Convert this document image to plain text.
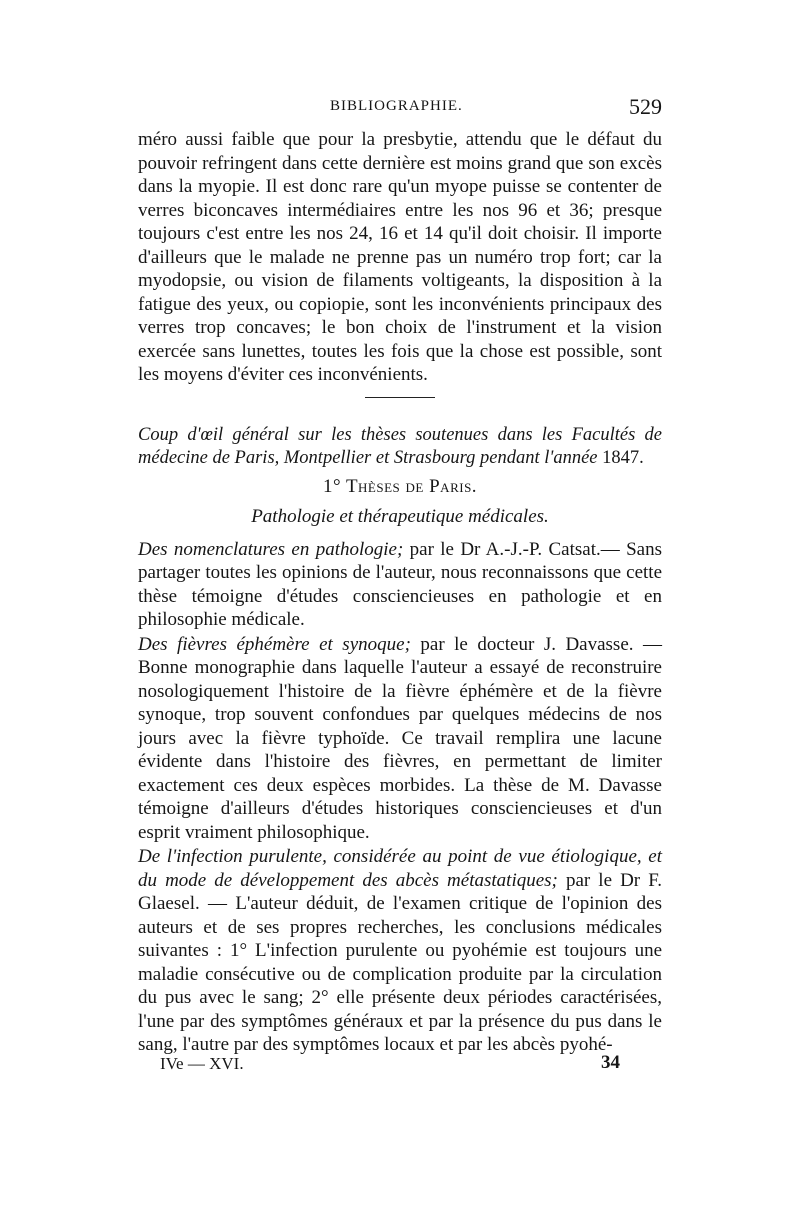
BIBLIOGRAPHIE.	529

méro aussi faible que pour la presbytie, attendu que le défaut du pouvoir refringent dans cette dernière est moins grand que son excès dans la myopie. Il est donc rare qu'un myope puisse se contenter de verres biconcaves intermédiaires entre les nos 96 et 36; presque toujours c'est entre les nos 24, 16 et 14 qu'il doit choisir. Il importe d'ailleurs que le malade ne prenne pas un numéro trop fort; car la myodopsie, ou vision de filaments voltigeants, la disposition à la fatigue des yeux, ou copiopie, sont les inconvénients principaux des verres trop concaves; le bon choix de l'instrument et la vision exercée sans lunettes, toutes les fois que la chose est possible, sont les moyens d'éviter ces inconvénients.

Coup d'œil général sur les thèses soutenues dans les Facultés de médecine de Paris, Montpellier et Strasbourg pendant l'année 1847.

1° Thèses de Paris.
Pathologie et thérapeutique médicales.

Des nomenclatures en pathologie; par le Dr A.-J.-P. Catsat.— Sans partager toutes les opinions de l'auteur, nous reconnaissons que cette thèse témoigne d'études consciencieuses en pathologie et en philosophie médicale.

Des fièvres éphémère et synoque; par le docteur J. Davasse. — Bonne monographie dans laquelle l'auteur a essayé de reconstruire nosologiquement l'histoire de la fièvre éphémère et de la fièvre synoque, trop souvent confondues par quelques médecins de nos jours avec la fièvre typhoïde. Ce travail remplira une lacune évidente dans l'histoire des fièvres, en permettant de limiter exactement ces deux espèces morbides. La thèse de M. Davasse témoigne d'ailleurs d'études historiques consciencieuses et d'un esprit vraiment philosophique.

De l'infection purulente, considérée au point de vue étiologique, et du mode de développement des abcès métastatiques; par le Dr F. Glaesel. — L'auteur déduit, de l'examen critique de l'opinion des auteurs et de ses propres recherches, les conclusions médicales suivantes : 1° L'infection purulente ou pyohémie est toujours une maladie consécutive ou de complication produite par la circulation du pus avec le sang; 2° elle présente deux périodes caractérisées, l'une par des symptômes généraux et par la présence du pus dans le sang, l'autre par des symptômes locaux et par les abcès pyohé-

IVe — XVI.	34
